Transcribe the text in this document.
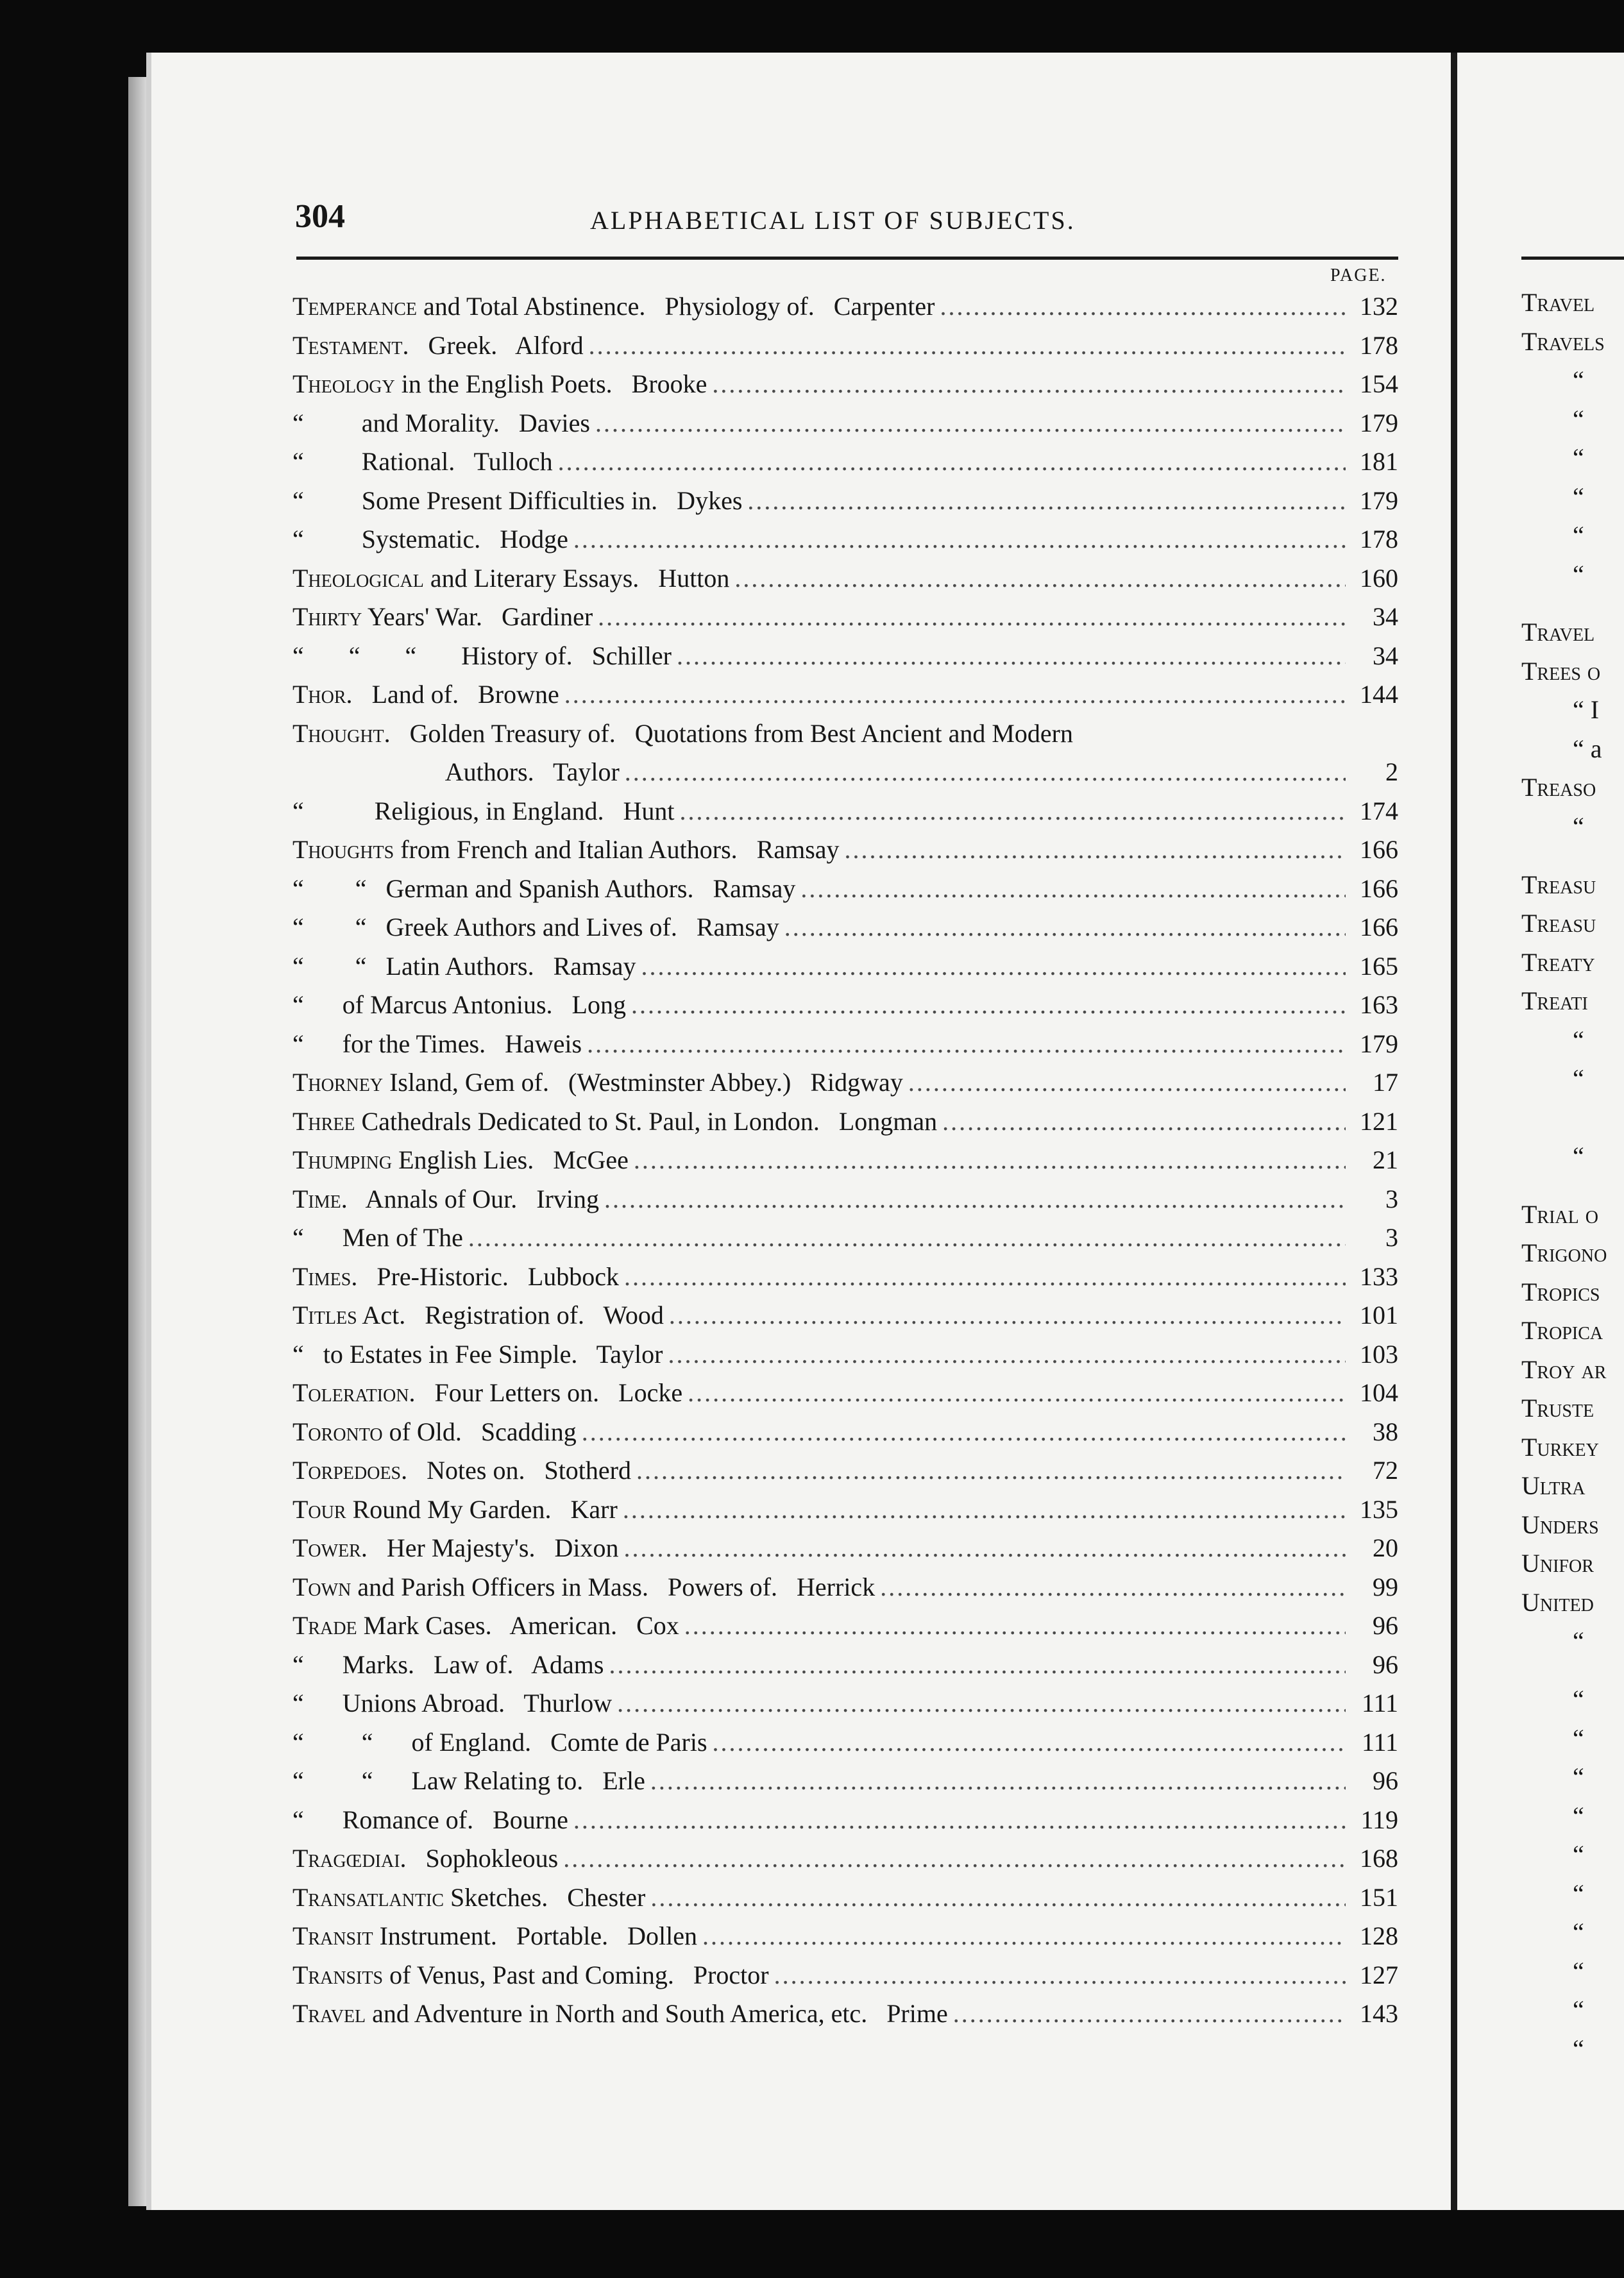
304	ALPHABETICAL LIST OF SUBJECTS.
PAGE.
Temperance and Total Abstinence.   Physiology of.   Carpenter .....	132
Testament.   Greek.   Alford .....	178
Theology in the English Poets.   Brooke .....	154
“         and Morality.   Davies .....	179
“         Rational.   Tulloch .....	181
“         Some Present Difficulties in.   Dykes .....	179
“         Systematic.   Hodge .....	178
Theological and Literary Essays.   Hutton .....	160
Thirty Years' War.   Gardiner .....	34
“       “       “       History of.   Schiller .....	34
Thor.   Land of.   Browne .....	144
Thought.   Golden Treasury of.   Quotations from Best Ancient and Modern
Authors.   Taylor .....	2
“           Religious, in England.   Hunt .....	174
Thoughts from French and Italian Authors.   Ramsay .....	166
“        “   German and Spanish Authors.   Ramsay .....	166
“        “   Greek Authors and Lives of.   Ramsay .....	166
“        “   Latin Authors.   Ramsay .....	165
“      of Marcus Antonius.   Long .....	163
“      for the Times.   Haweis .....	179
Thorney Island, Gem of.   (Westminster Abbey.)   Ridgway .....	17
Three Cathedrals Dedicated to St. Paul, in London.   Longman .....	121
Thumping English Lies.   McGee .....	21
Time.   Annals of Our.   Irving .....	3
“      Men of The .....	3
Times.   Pre-Historic.   Lubbock .....	133
Titles Act.   Registration of.   Wood .....	101
“   to Estates in Fee Simple.   Taylor .....	103
Toleration.   Four Letters on.   Locke .....	104
Toronto of Old.   Scadding .....	38
Torpedoes.   Notes on.   Stotherd .....	72
Tour Round My Garden.   Karr .....	135
Tower.   Her Majesty's.   Dixon .....	20
Town and Parish Officers in Mass.   Powers of.   Herrick .....	99
Trade Mark Cases.   American.   Cox .....	96
“      Marks.   Law of.   Adams .....	96
“      Unions Abroad.   Thurlow .....	111
“         “      of England.   Comte de Paris .....	111
“         “      Law Relating to.   Erle .....	96
“      Romance of.   Bourne .....	119
Tragœdiai.   Sophokleous .....	168
Transatlantic Sketches.   Chester .....	151
Transit Instrument.   Portable.   Dollen .....	128
Transits of Venus, Past and Coming.   Proctor .....	127
Travel and Adventure in North and South America, etc.   Prime .....	143
Travel
Travels
“
“
“
“
“
“
Travel
Trees o
“ I
“ a
Treaso
“
Treasu
Treasu
Treaty
Treati
“
“
“
Trial o
Trigono
Tropics
Tropica
Troy ar
Truste
Turkey
Ultra
Unders
Unifor
United
“
“
“
“
“
“
“
“
“
“
“
